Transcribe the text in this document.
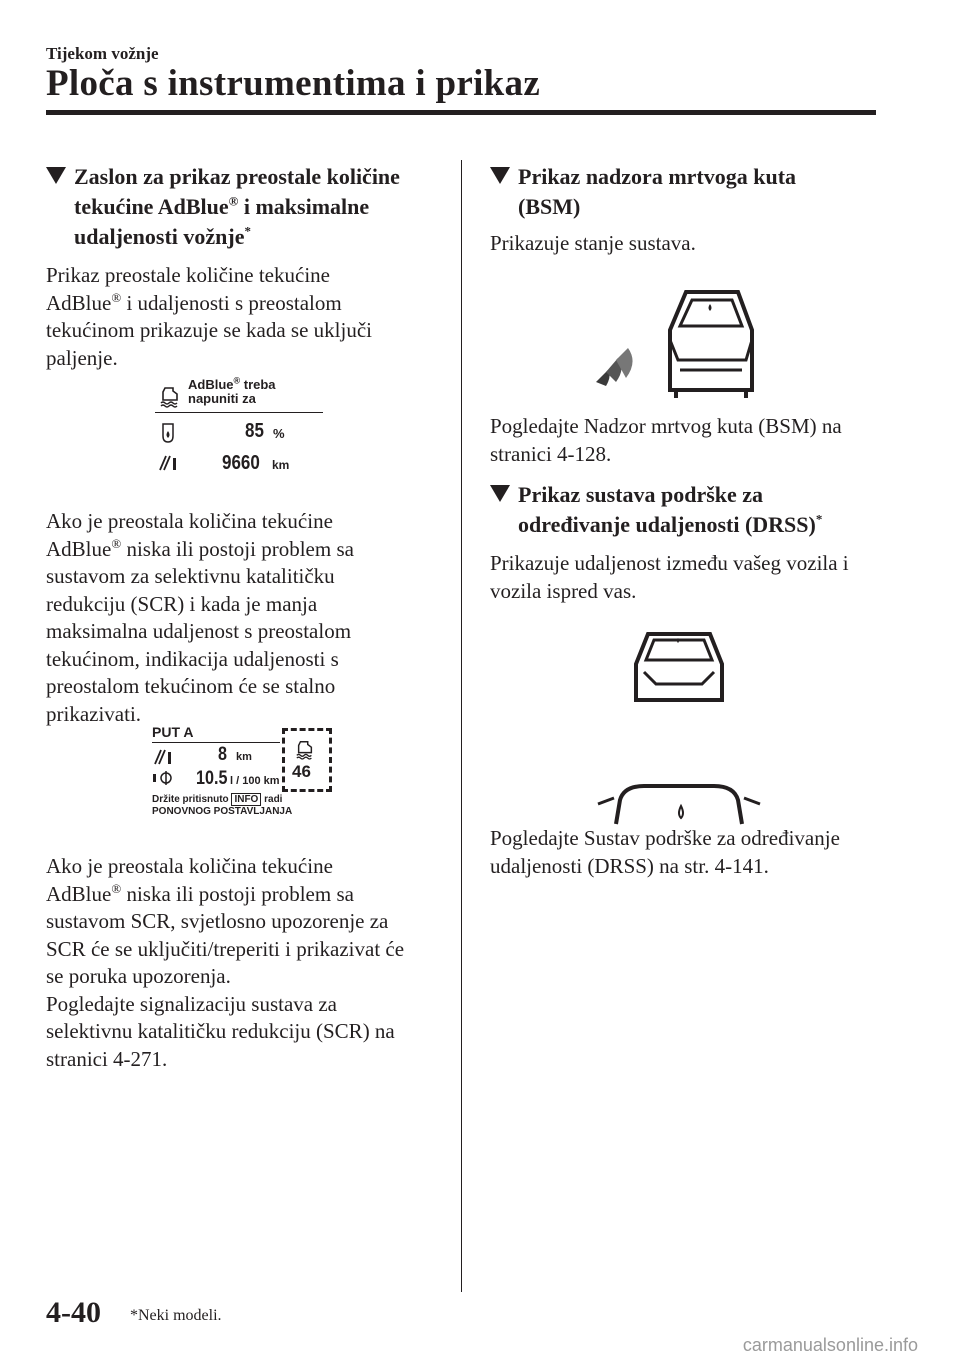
Tijekom vožnje
Ploča s instrumentima i prikaz
Zaslon za prikaz preostale količine
tekućine AdBlue® i maksimalne
udaljenosti vožnje*
Prikaz preostale količine tekućine
AdBlue® i udaljenosti s preostalom
tekućinom prikazuje se kada se uključi
paljenje.
AdBlue® treba
napuniti za
85 %
9660 km
Ako je preostala količina tekućine
AdBlue® niska ili postoji problem sa
sustavom za selektivnu katalitičku
redukciju (SCR) i kada je manja
maksimalna udaljenost s preostalom
tekućinom, indikacija udaljenosti s
preostalom tekućinom će se stalno
prikazivati.
PUT A
8 km
10.5 l / 100 km 46
Držite pritisnuto INFO radi
PONOVNOG POSTAVLJANJA
Ako je preostala količina tekućine
AdBlue® niska ili postoji problem sa
sustavom SCR, svjetlosno upozorenje za
SCR će se uključiti/treperiti i prikazivat će
se poruka upozorenja.
Pogledajte signalizaciju sustava za
selektivnu katalitičku redukciju (SCR) na
stranici 4-271.
Prikaz nadzora mrtvoga kuta
(BSM)
Prikazuje stanje sustava.
Pogledajte Nadzor mrtvog kuta (BSM) na
stranici 4-128.
Prikaz sustava podrške za
određivanje udaljenosti (DRSS)*
Prikazuje udaljenost između vašeg vozila i
vozila ispred vas.
Pogledajte Sustav podrške za određivanje
udaljenosti (DRSS) na str. 4-141.
4-40 *Neki modeli.
carmanualsonline.info
